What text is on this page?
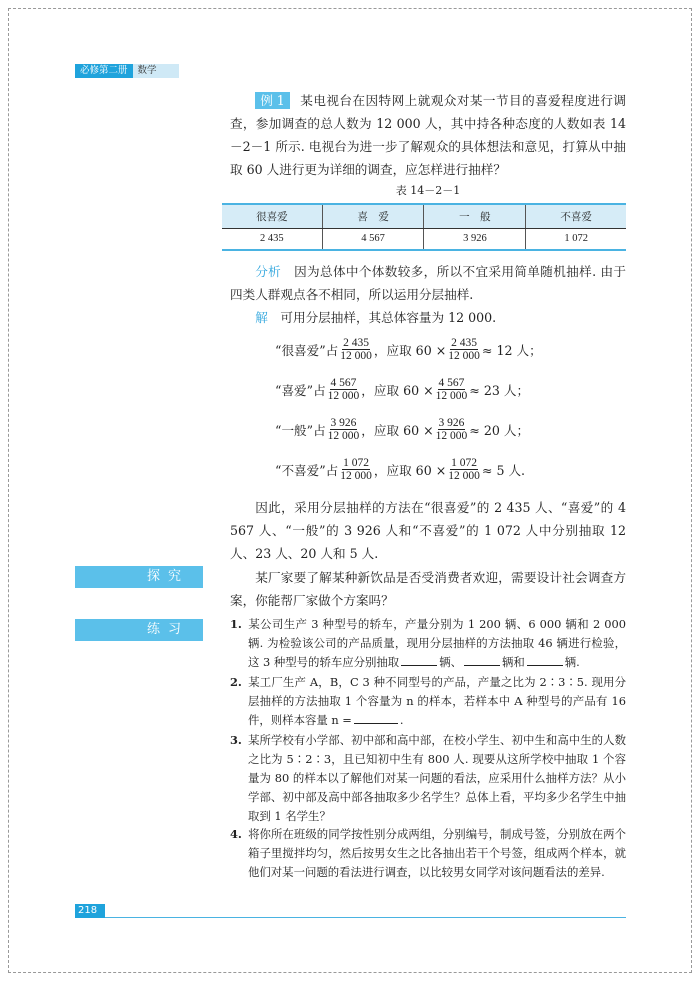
必修第二册	数学
例 1 某电视台在因特网上就观众对某一节目的喜爱程度进行调查，参加调查的总人数为 12 000 人，其中持各种态度的人数如表 14－2－1 所示. 电视台为进一步了解观众的具体想法和意见，打算从中抽取 60 人进行更为详细的调查，应怎样进行抽样？
表 14－2－1
很喜爱	喜　爱	一　般	不喜爱
2 435	4 567	3 926	1 072
分析  因为总体中个体数较多，所以不宜采用简单随机抽样. 由于四类人群观点各不相同，所以运用分层抽样.
解  可用分层抽样，其总体容量为 12 000.
“很喜爱”占 $\frac{2 435}{12 000}$ ，应取 $60 \times \frac{2 435}{12 000} \approx 12$ 人；
“喜爱”占 $\frac{4 567}{12 000}$ ，应取 $60 \times \frac{4 567}{12 000} \approx 23$ 人；
“一般”占 $\frac{3 926}{12 000}$ ，应取 $60 \times \frac{3 926}{12 000} \approx 20$ 人；
“不喜爱”占 $\frac{1 072}{12 000}$ ，应取 $60 \times \frac{1 072}{12 000} \approx 5$ 人.
因此，采用分层抽样的方法在“很喜爱”的 2 435 人、“喜爱”的 4 567 人、“一般”的 3 926 人和“不喜爱”的 1 072 人中分别抽取 12 人、23 人、20 人和 5 人.
探究	某厂家要了解某种新饮品是否受消费者欢迎，需要设计社会调查方案，你能帮厂家做个方案吗？
练习	1. 某公司生产 3 种型号的轿车，产量分别为 1 200 辆、6 000 辆和 2 000 辆. 为检验该公司的产品质量，现用分层抽样的方法抽取 46 辆进行检验，这 3 种型号的轿车应分别抽取	辆、	辆和	辆.
2. 某工厂生产 A，B，C 3 种不同型号的产品，产量之比为 2∶3∶5. 现用分层抽样的方法抽取 1 个容量为 n 的样本，若样本中 A 种型号的产品有 16 件，则样本容量 n =	.
3. 某所学校有小学部、初中部和高中部，在校小学生、初中生和高中生的人数之比为 5∶2∶3，且已知初中生有 800 人. 现要从这所学校中抽取 1 个容量为 80 的样本以了解他们对某一问题的看法，应采用什么抽样方法？从小学部、初中部及高中部各抽取多少名学生？总体上看，平均多少名学生中抽取到 1 名学生？
4. 将你所在班级的同学按性别分成两组，分别编号，制成号签，分别放在两个箱子里搅拌均匀，然后按男女生之比各抽出若干个号签，组成两个样本，就他们对某一问题的看法进行调查，以比较男女同学对该问题看法的差异.
218
